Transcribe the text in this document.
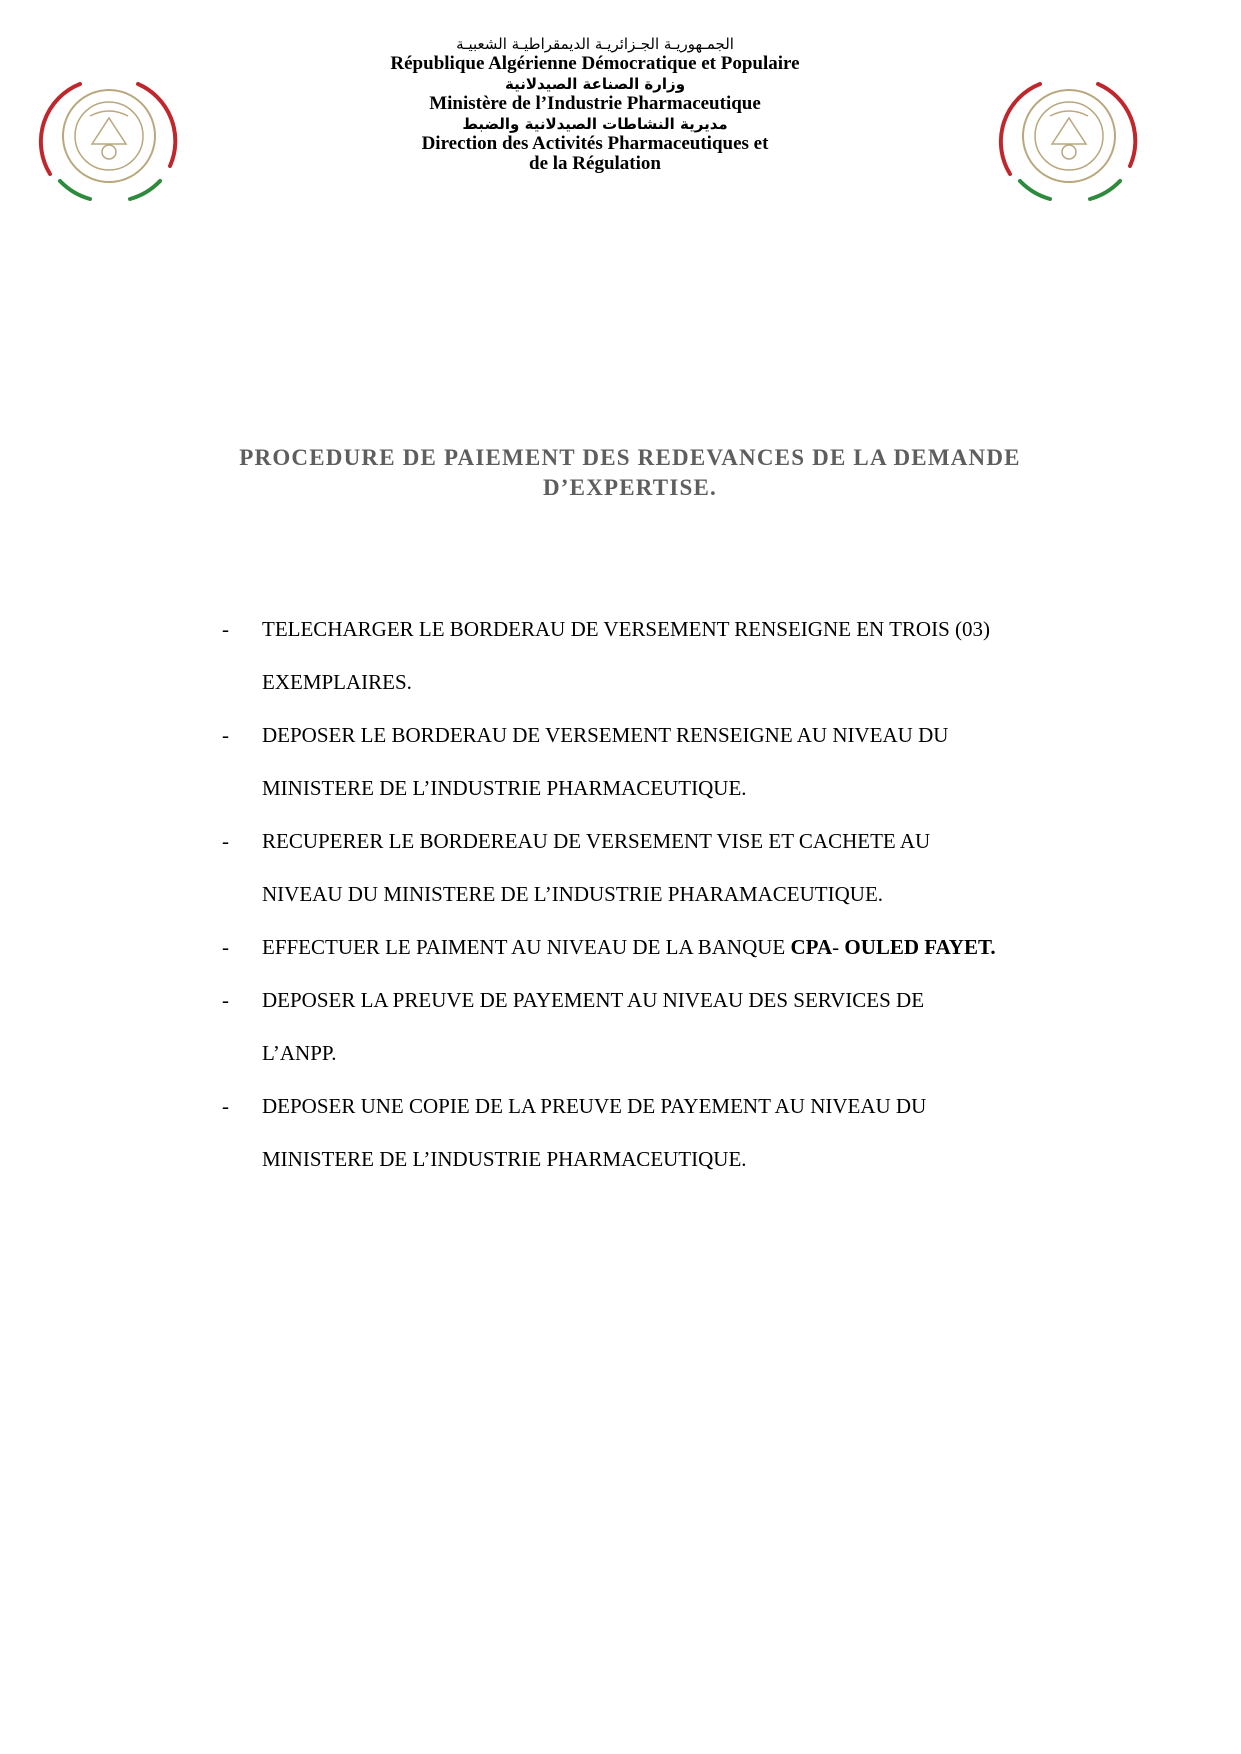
الجمـهوريـة الجـزائريـة الديمقراطيـة الشعبيـة
République Algérienne Démocratique et Populaire
وزارة الصناعة الصيدلانية
Ministère de l’Industrie Pharmaceutique
مديرية النشاطات الصيدلانية والضبط
Direction des Activités Pharmaceutiques et
de la Régulation
PROCEDURE DE PAIEMENT DES REDEVANCES DE LA DEMANDE
D’EXPERTISE.
- TELECHARGER LE BORDERAU DE VERSEMENT RENSEIGNE EN TROIS (03)
EXEMPLAIRES.
- DEPOSER LE BORDERAU DE VERSEMENT RENSEIGNE AU NIVEAU DU
MINISTERE DE L’INDUSTRIE PHARMACEUTIQUE.
- RECUPERER LE BORDEREAU DE VERSEMENT VISE ET CACHETE AU
NIVEAU DU MINISTERE DE L’INDUSTRIE PHARAMACEUTIQUE.
- EFFECTUER LE PAIMENT AU NIVEAU DE LA BANQUE CPA- OULED FAYET.
- DEPOSER LA PREUVE DE PAYEMENT AU NIVEAU DES SERVICES DE
L’ANPP.
- DEPOSER UNE COPIE DE LA PREUVE DE PAYEMENT AU NIVEAU DU
MINISTERE DE L’INDUSTRIE PHARMACEUTIQUE.
